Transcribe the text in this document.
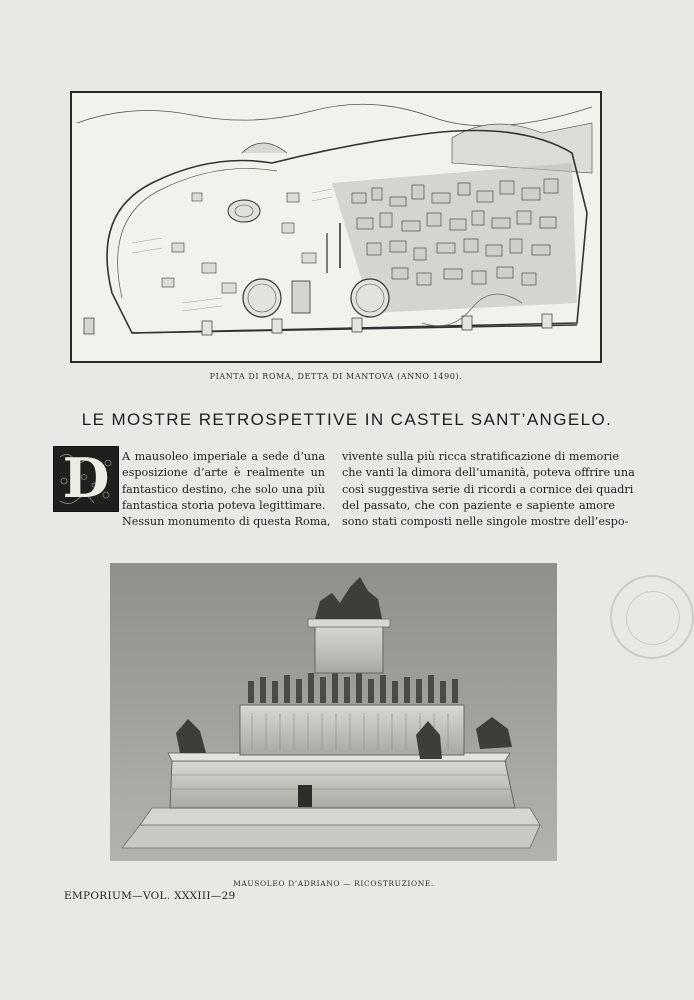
PIANTA DI ROMA, DETTA DI MANTOVA (ANNO 1490).
LE MOSTRE RETROSPETTIVE IN CASTEL SANT’ANGELO.
D	A mausoleo imperiale a sede d’una

esposizione d’arte è realmente un

fantastico destino, che solo una più

fantastica storia poteva legittimare.

Nessun monumento di questa Roma,

vivente sulla più ricca stratificazione di memorie

che vanti la dimora dell’umanità, poteva offrire una

così suggestiva serie di ricordi a cornice dei quadri

del passato, che con paziente e sapiente amore

sono stati composti nelle singole mostre dell’espo-

MAUSOLEO D’ADRIANO — RICOSTRUZIONE.
EMPORIUM—VOL. XXXIII—29
